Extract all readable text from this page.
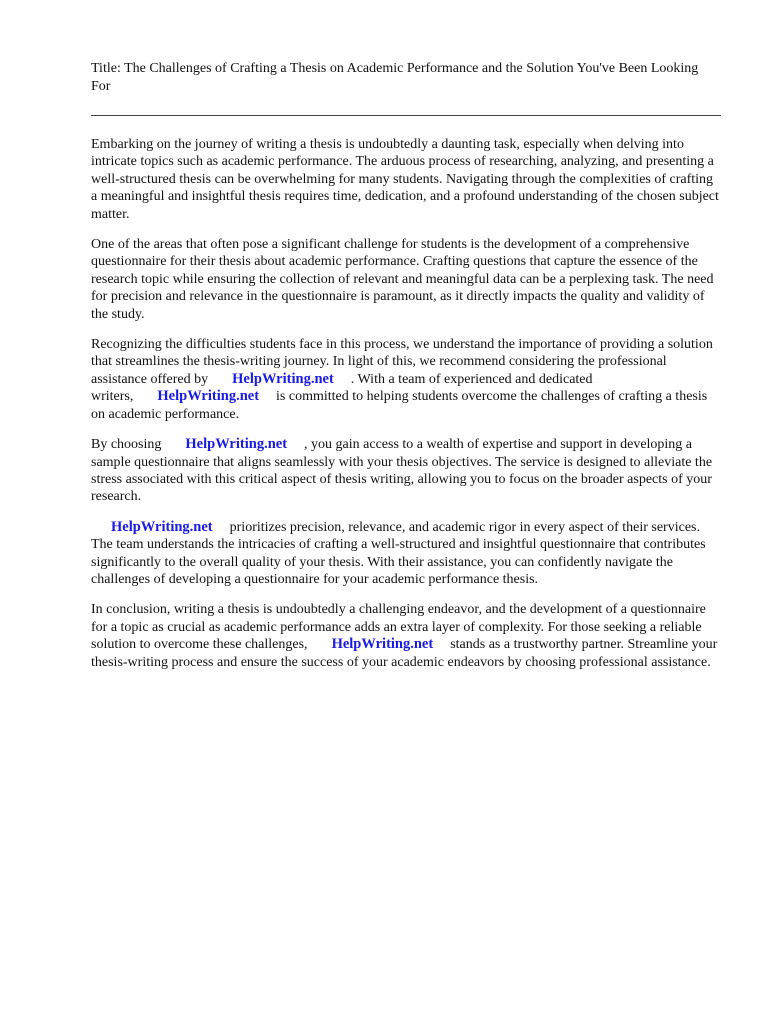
Title: The Challenges of Crafting a Thesis on Academic Performance and the Solution You've Been Looking For

Embarking on the journey of writing a thesis is undoubtedly a daunting task, especially when delving into intricate topics such as academic performance. The arduous process of researching, analyzing, and presenting a well-structured thesis can be overwhelming for many students. Navigating through the complexities of crafting a meaningful and insightful thesis requires time, dedication, and a profound understanding of the chosen subject matter.

One of the areas that often pose a significant challenge for students is the development of a comprehensive questionnaire for their thesis about academic performance. Crafting questions that capture the essence of the research topic while ensuring the collection of relevant and meaningful data can be a perplexing task. The need for precision and relevance in the questionnaire is paramount, as it directly impacts the quality and validity of the study.

Recognizing the difficulties students face in this process, we understand the importance of providing a solution that streamlines the thesis-writing journey. In light of this, we recommend considering the professional assistance offered by HelpWriting.net . With a team of experienced and dedicated writers, HelpWriting.net is committed to helping students overcome the challenges of crafting a thesis on academic performance.

By choosing HelpWriting.net , you gain access to a wealth of expertise and support in developing a sample questionnaire that aligns seamlessly with your thesis objectives. The service is designed to alleviate the stress associated with this critical aspect of thesis writing, allowing you to focus on the broader aspects of your research.

HelpWriting.net prioritizes precision, relevance, and academic rigor in every aspect of their services. The team understands the intricacies of crafting a well-structured and insightful questionnaire that contributes significantly to the overall quality of your thesis. With their assistance, you can confidently navigate the challenges of developing a questionnaire for your academic performance thesis.

In conclusion, writing a thesis is undoubtedly a challenging endeavor, and the development of a questionnaire for a topic as crucial as academic performance adds an extra layer of complexity. For those seeking a reliable solution to overcome these challenges, HelpWriting.net stands as a trustworthy partner. Streamline your thesis-writing process and ensure the success of your academic endeavors by choosing professional assistance.
